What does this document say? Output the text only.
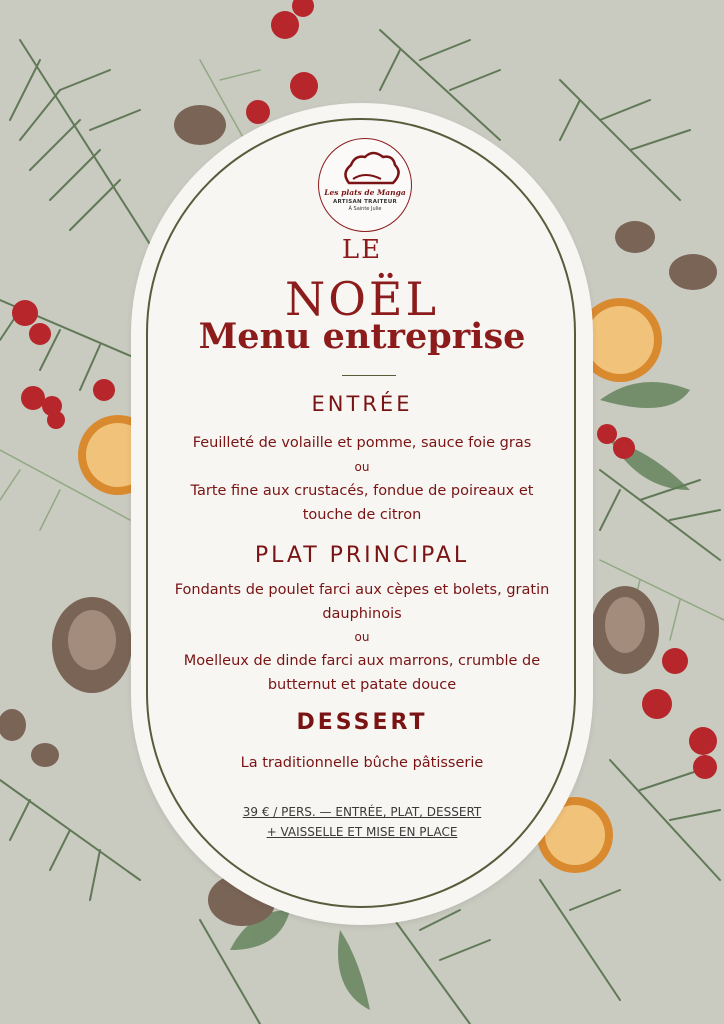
Les plats de Manga
ARTISAN TRAITEUR
À Sainte Julie
LE
NOËL
Menu entreprise
ENTRÉE
Feuilleté de volaille et pomme, sauce foie gras
ou
Tarte fine aux crustacés, fondue de poireaux et
touche de citron
PLAT PRINCIPAL
Fondants de poulet farci aux cèpes et bolets, gratin
dauphinois
ou
Moelleux de dinde farci aux marrons, crumble de
butternut et patate douce
DESSERT
La traditionnelle bûche pâtisserie
39 € / PERS. — ENTRÉE, PLAT, DESSERT
+ VAISSELLE ET MISE EN PLACE
